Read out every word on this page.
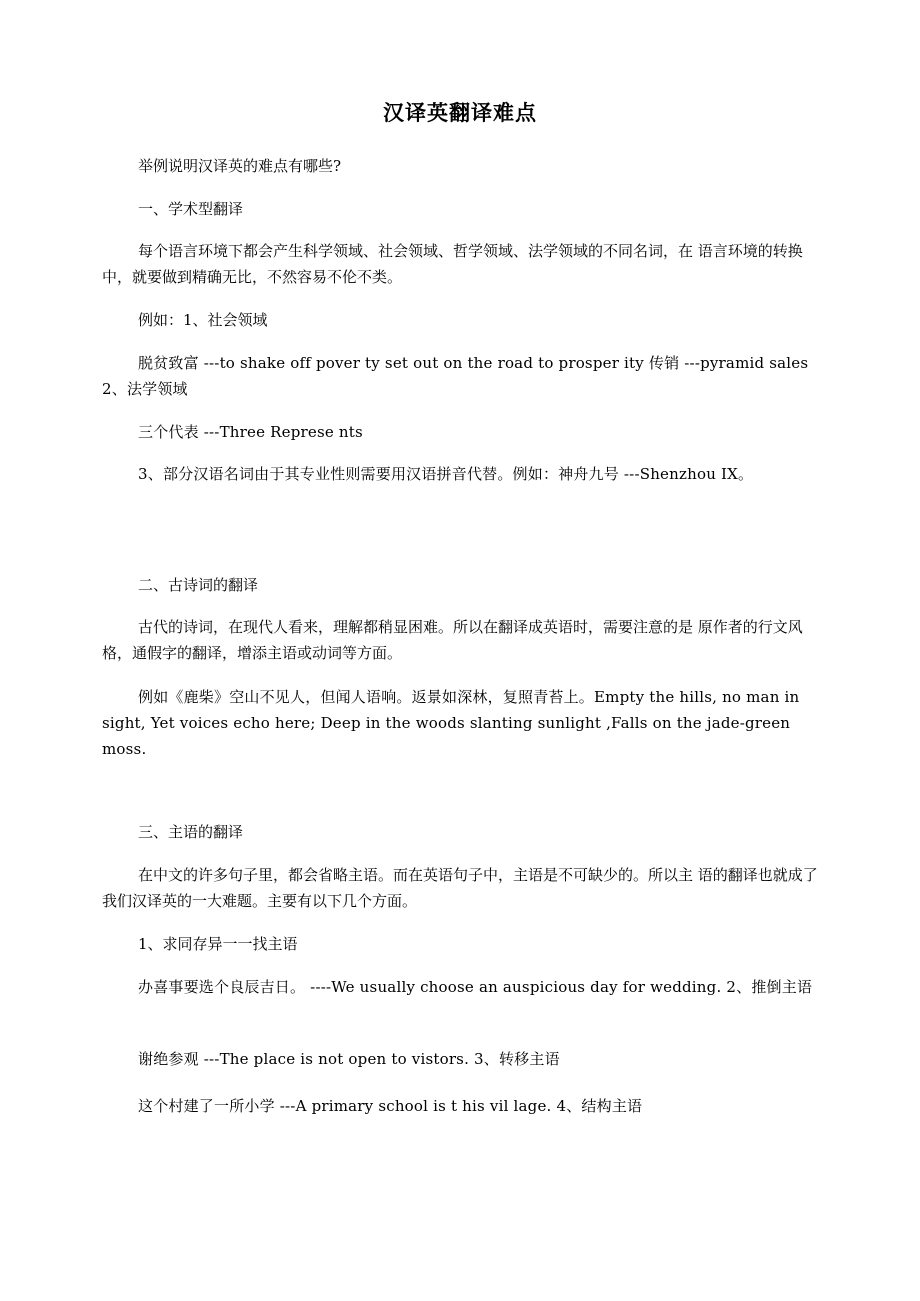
汉译英翻译难点

举例说明汉译英的难点有哪些?

一、学术型翻译

每个语言环境下都会产生科学领域、社会领域、哲学领域、法学领域的不同名词，在 语言环境的转换中，就要做到精确无比，不然容易不伦不类。

例如：1、社会领域

脱贫致富 ---to shake off pover ty set out on the road to prosper ity 传销 ---pyramid sales 2、法学领域

三个代表 ---Three Represe nts

3、部分汉语名词由于其专业性则需要用汉语拼音代替。例如：神舟九号 ---Shenzhou IX。

二、古诗词的翻译

古代的诗词，在现代人看来，理解都稍显困难。所以在翻译成英语时，需要注意的是 原作者的行文风格，通假字的翻译，增添主语或动词等方面。

例如《鹿柴》空山不见人，但闻人语响。返景如深林，复照青苔上。Empty the hills, no man in sight, Yet voices echo here; Deep in the woods slanting sunlight ,Falls on the jade-green moss.

三、主语的翻译

在中文的许多句子里，都会省略主语。而在英语句子中，主语是不可缺少的。所以主 语的翻译也就成了我们汉译英的一大难题。主要有以下几个方面。

1、求同存异一一找主语

办喜事要选个良辰吉日。 ----We usually choose an auspicious day for wedding. 2、推倒主语

谢绝参观 ---The place is not open to vistors. 3、转移主语

这个村建了一所小学 ---A primary school is t his vil lage. 4、结构主语
